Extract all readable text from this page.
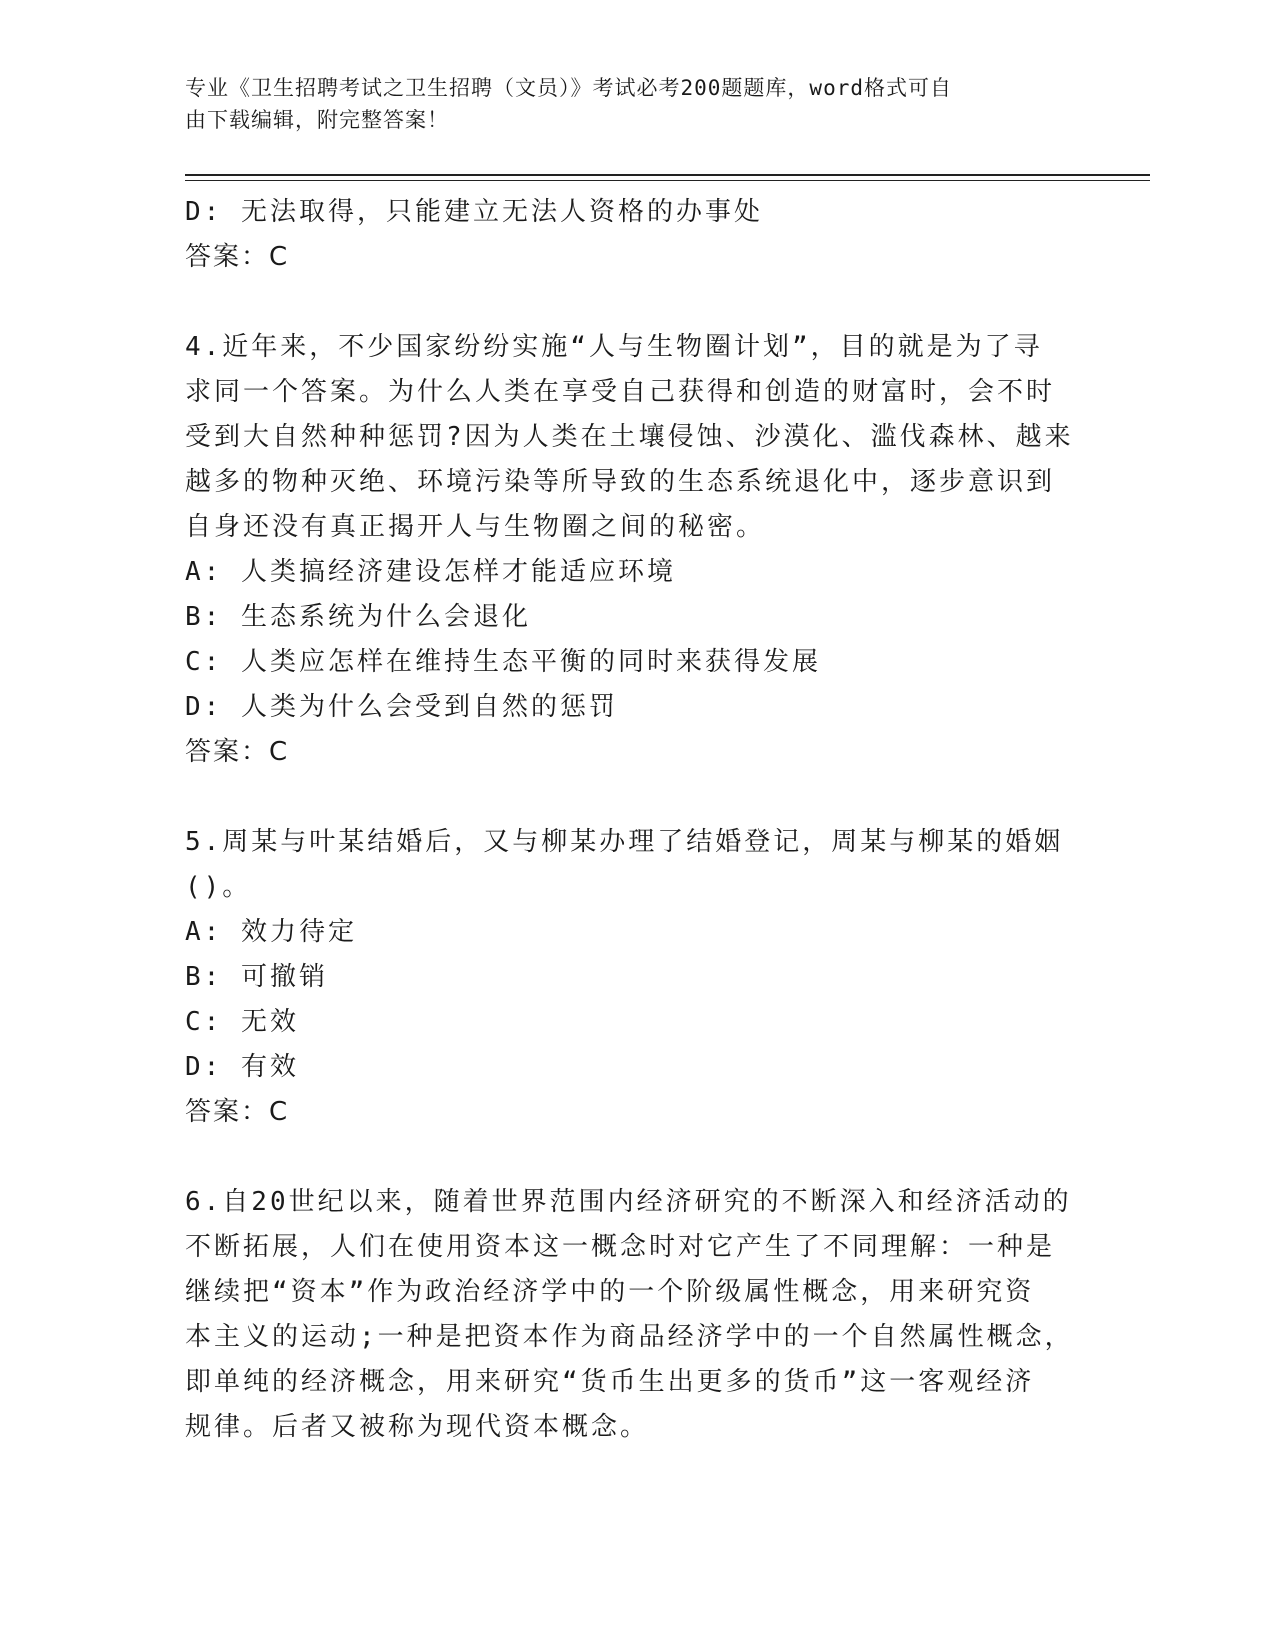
专业《卫生招聘考试之卫生招聘（文员）》考试必考200题题库，word格式可自
由下载编辑，附完整答案！
D: 无法取得，只能建立无法人资格的办事处
答案：C
4.近年来，不少国家纷纷实施“人与生物圈计划”，目的就是为了寻
求同一个答案。为什么人类在享受自己获得和创造的财富时，会不时
受到大自然种种惩罚?因为人类在土壤侵蚀、沙漠化、滥伐森林、越来
越多的物种灭绝、环境污染等所导致的生态系统退化中，逐步意识到
自身还没有真正揭开人与生物圈之间的秘密。
A: 人类搞经济建设怎样才能适应环境
B: 生态系统为什么会退化
C: 人类应怎样在维持生态平衡的同时来获得发展
D: 人类为什么会受到自然的惩罚
答案：C
5.周某与叶某结婚后，又与柳某办理了结婚登记，周某与柳某的婚姻
()。
A: 效力待定
B: 可撤销
C: 无效
D: 有效
答案：C
6.自20世纪以来，随着世界范围内经济研究的不断深入和经济活动的
不断拓展，人们在使用资本这一概念时对它产生了不同理解：一种是
继续把“资本”作为政治经济学中的一个阶级属性概念，用来研究资
本主义的运动;一种是把资本作为商品经济学中的一个自然属性概念，
即单纯的经济概念，用来研究“货币生出更多的货币”这一客观经济
规律。后者又被称为现代资本概念。
